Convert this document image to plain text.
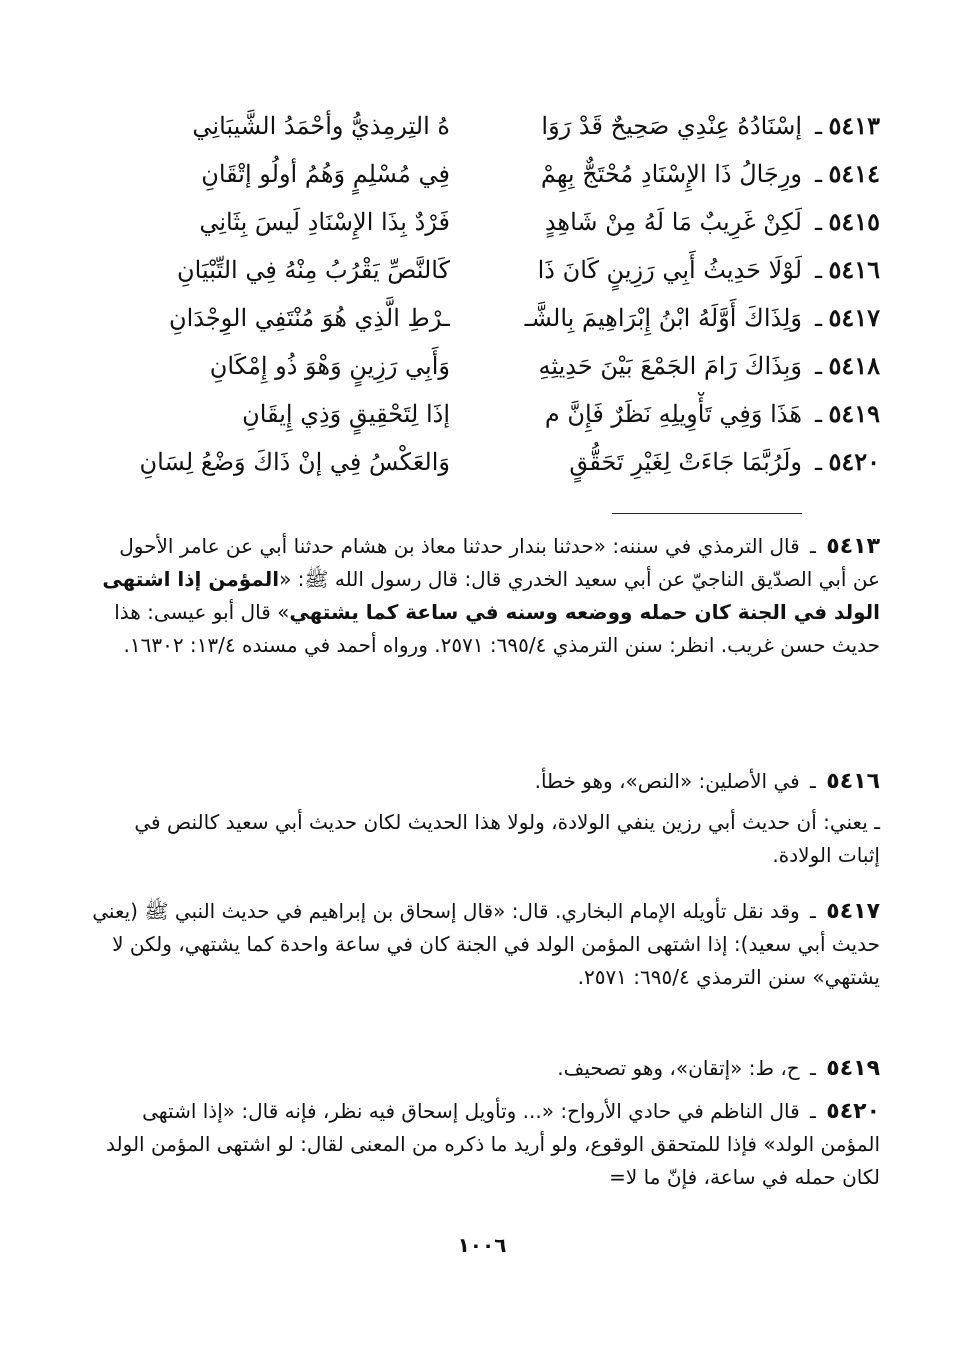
٥٤١٣
ـ
إسْنَادُهُ عِنْدِي صَحِيحٌ قَدْ رَوَا
هُ التِرمِذيُّ وأحْمَدُ الشَّيبَانِي
٥٤١٤
ـ
ورِجَالُ ذَا الإِسْنَادِ مُحْتَجٌّ بِهِمْ
فِي مُسْلِمٍ وَهُمُ أولُو إتْقَانِ
٥٤١٥
ـ
لَكِنْ غَرِيبٌ مَا لَهُ مِنْ شَاهِدٍ
فَرْدٌ بِذَا الإِسْنَادِ لَيسَ بِثَانِي
٥٤١٦
ـ
لَوْلَا حَدِيثُ أَبِي رَزِينٍ كَانَ ذَا
كَالنَّصِّ يَقْرُبُ مِنْهُ فِي التِّبْيَانِ
٥٤١٧
ـ
وَلِذَاكَ أَوَّلَهُ ابْنُ إِبْرَاهِيمَ بِالشَّـ
ـرْطِ الَّذِي هُوَ مُنْتَفِي الوِجْدَانِ
٥٤١٨
ـ
وَبِذَاكَ رَامَ الجَمْعَ بَيْنَ حَدِيثِهِ
وَأَبِي رَزِينٍ وَهْوَ ذُو إِمْكَانِ
٥٤١٩
ـ
هَذَا وَفِي تَأْوِيلِهِ نَظَرٌ فَإِنَّ م
إذَا لِتَحْقِيقٍ وَذِي إِيقَانِ
٥٤٢٠
ـ
ولَرُبَّمَا جَاءَتْ لِغَيْرِ تَحَقُّقٍ
وَالعَكْسُ فِي إنْ ذَاكَ وَضْعُ لِسَانِ

٥٤١٣ ـ قال الترمذي في سننه: «حدثنا بندار حدثنا معاذ بن هشام حدثنا أبي عن عامر الأحول عن أبي الصدّيق الناجيّ عن أبي سعيد الخدري قال: قال رسول الله ﷺ: «المؤمن إذا اشتهى الولد في الجنة كان حمله ووضعه وسنه في ساعة كما يشتهي» قال أبو عيسى: هذا حديث حسن غريب. انظر: سنن الترمذي ٦٩٥/٤: ٢٥٧١. ورواه أحمد في مسنده ١٣/٤: ١٦٣٠٢.

٥٤١٦ ـ في الأصلين: «النص»، وهو خطأ.

ـ يعني: أن حديث أبي رزين ينفي الولادة، ولولا هذا الحديث لكان حديث أبي سعيد كالنص في إثبات الولادة.

٥٤١٧ ـ وقد نقل تأويله الإمام البخاري. قال: «قال إسحاق بن إبراهيم في حديث النبي ﷺ (يعني حديث أبي سعيد): إذا اشتهى المؤمن الولد في الجنة كان في ساعة واحدة كما يشتهي، ولكن لا يشتهي» سنن الترمذي ٦٩٥/٤: ٢٥٧١.

٥٤١٩ ـ ح، ط: «إتقان»، وهو تصحيف.

٥٤٢٠ ـ قال الناظم في حادي الأرواح: «... وتأويل إسحاق فيه نظر، فإنه قال: «إذا اشتهى المؤمن الولد» فإذا للمتحقق الوقوع، ولو أريد ما ذكره من المعنى لقال: لو اشتهى المؤمن الولد لكان حمله في ساعة، فإنّ ما لا=

١٠٠٦
